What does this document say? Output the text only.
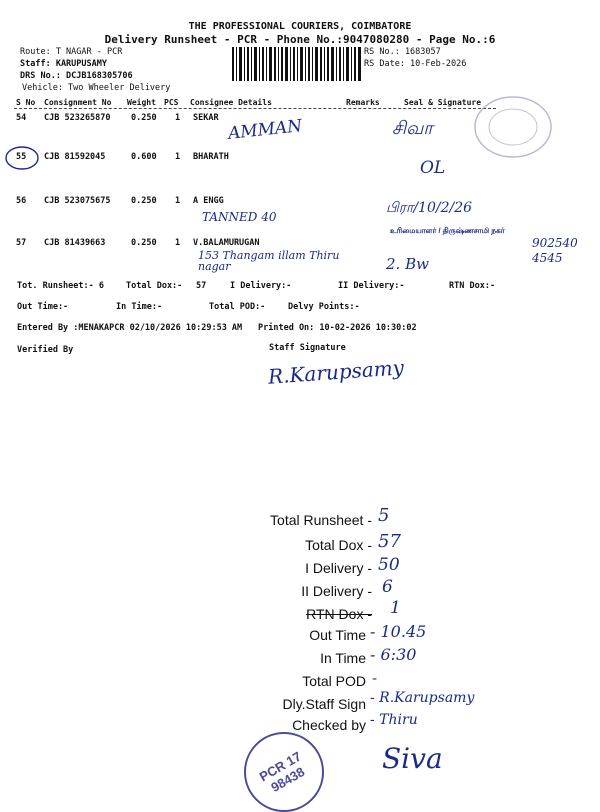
THE PROFESSIONAL COURIERS, COIMBATORE
Delivery Runsheet - PCR - Phone No.:9047080280 - Page No.:6
Route: T NAGAR - PCR
Staff: KARUPUSAMY
DRS No.: DCJB168305706
Vehicle: Two Wheeler Delivery
RS No.: 1683057
RS Date: 10-Feb-2026
S No Consignment No Weight PCS Consignee Details	Remarks	Seal & Signature
54 CJB 523265870 0.250 1 SEKAR AMMAN	சிவா
55 CJB 81592045	0.600 1 BHARATH
OL
56 CJB 523075675 0.250 1 A ENGG
TANNED 40
பிரா/10/2/26
உரிமையாளர் / திருஷ்ணசாமி நகர்
57 CJB 81439663	0.250 1 V.BALAMURUGAN
153 Thangam illam Thiru nagar	2. Bw
902540 4545
Tot. Runsheet:- 6	Total Dox:- 57	I Delivery:-	II Delivery:-	RTN Dox:-
Out Time:-	In Time:-	Total POD:-	Delvy Points:-
Entered By :MENAKAPCR 02/10/2026 10:29:53 AM Printed On: 10-02-2026 10:30:02
Verified By	Staff Signature
R.Karupsamy
Total Runsheet - 5
Total Dox - 57
I Delivery - 50
II Delivery - 6
RTN Dox - 1
Out Time - 10.45
In Time - 6:30
Total POD -
Dly.Staff Sign - R.Karupsamy
Checked by - Thiru
PCR 17 98438
Siva
